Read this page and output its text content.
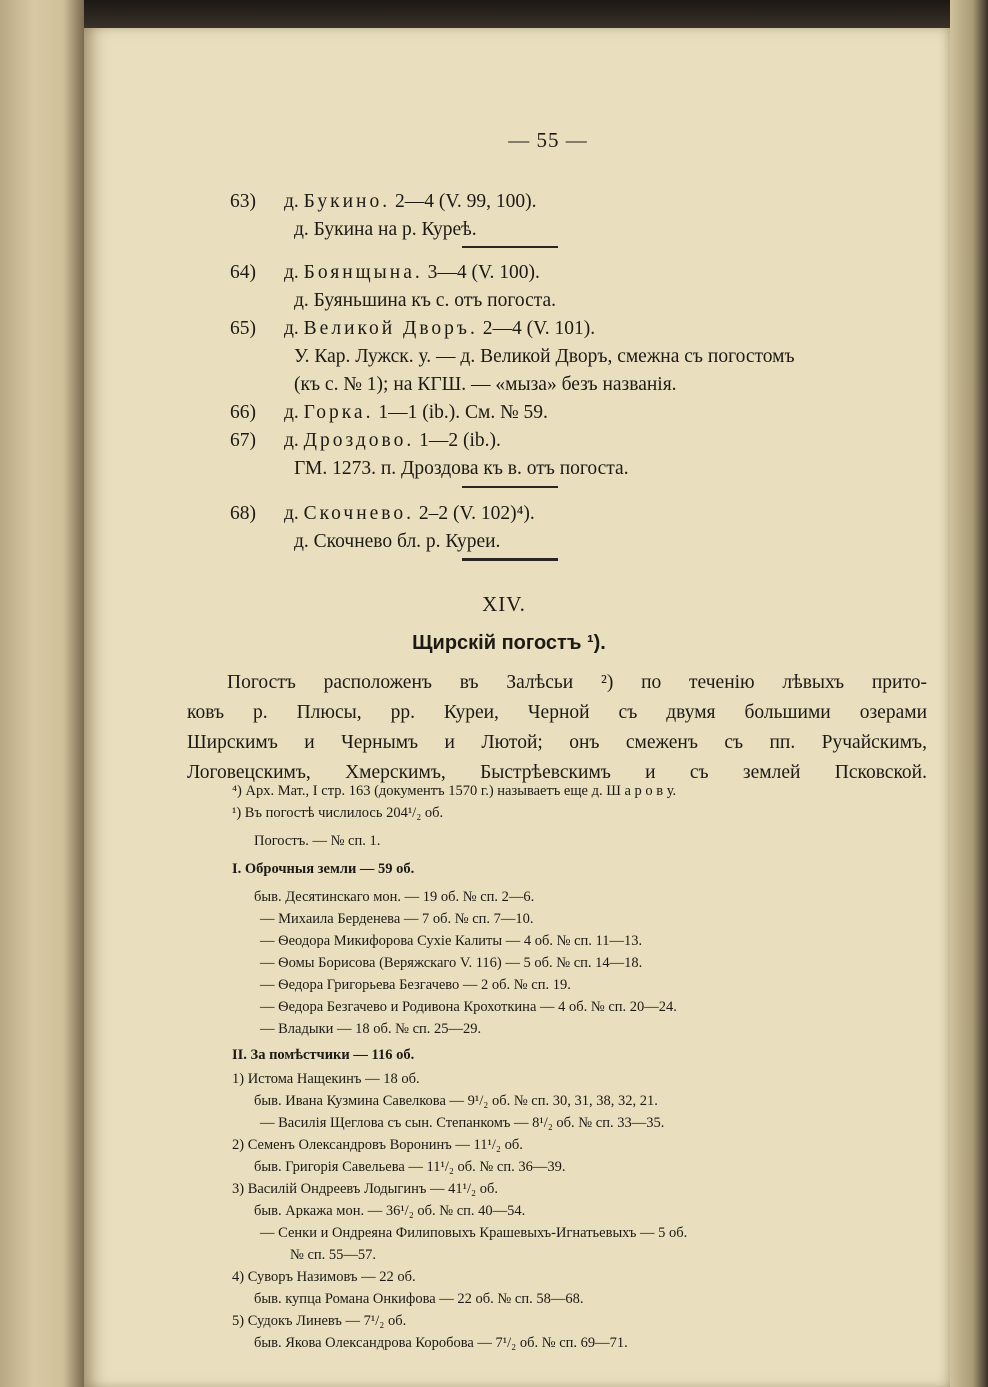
— 55 —
63) д. Букино. 2—4 (V. 99, 100).
д. Букина на р. Куреѣ.
64) д. Боянщына. 3—4 (V. 100).
д. Буяньшина къ с. отъ погоста.
65) д. Великой Дворъ. 2—4 (V. 101).
У. Кар. Лужск. у. — д. Великой Дворъ, смежна съ погостомъ
(къ с. № 1); на КГШ. — «мыза» безъ названія.
66) д. Горка. 1—1 (ib.). См. № 59.
67) д. Дроздово. 1—2 (ib.).
ГМ. 1273. п. Дроздова къ в. отъ погоста.
68) д. Скочнево. 2–2 (V. 102)⁴).
д. Скочнево бл. р. Куреи.
XIV.
Щирскій погостъ ¹).
Погостъ расположенъ въ Залѣсьи ²) по теченію лѣвыхъ прито-
ковъ р. Плюсы, рр. Куреи, Черной съ двумя большими озерами
Ширскимъ и Чернымъ и Лютой; онъ смеженъ съ пп. Ручайскимъ,
Логовецскимъ, Хмерскимъ, Быстрѣевскимъ и съ землей Псковской.
⁴) Арх. Мат., I стр. 163 (документъ 1570 г.) называетъ еще д. Ш а р о в у.
¹) Въ погостѣ числилось 204¹/₂ об.
Погостъ. — № сп. 1.
I. Оброчныя земли — 59 об.
быв. Десятинскаго мон. — 19 об. № сп. 2—6.
— Михаила Берденева — 7 об. № сп. 7—10.
— Ѳеодора Микифорова Сухіе Калиты — 4 об. № сп. 11—13.
— Ѳомы Борисова (Веряжскаго V. 116) — 5 об. № сп. 14—18.
— Ѳедора Григорьева Безгачево — 2 об. № сп. 19.
— Ѳедора Безгачево и Родивона Крохоткина — 4 об. № сп. 20—24.
— Владыки — 18 об. № сп. 25—29.
II. За помѣстчики — 116 об.
1) Истома Нащекинъ — 18 об.
быв. Ивана Кузмина Савелкова — 9¹/₂ об. № сп. 30, 31, 38, 32, 21.
— Василія Щеглова съ сын. Степанкомъ — 8¹/₂ об. № сп. 33—35.
2) Семенъ Олександровъ Воронинъ — 11¹/₂ об.
быв. Григорія Савельева — 11¹/₂ об. № сп. 36—39.
3) Василій Ондреевъ Лодыгинъ — 41¹/₂ об.
быв. Аркажа мон. — 36¹/₂ об. № сп. 40—54.
— Сенки и Ондреяна Филиповыхъ Крашевыхъ-Игнатьевыхъ — 5 об.
№ сп. 55—57.
4) Суворъ Назимовъ — 22 об.
быв. купца Романа Онкифова — 22 об. № сп. 58—68.
5) Судокъ Линевъ — 7¹/₂ об.
быв. Якова Олександрова Коробова — 7¹/₂ об. № сп. 69—71.
